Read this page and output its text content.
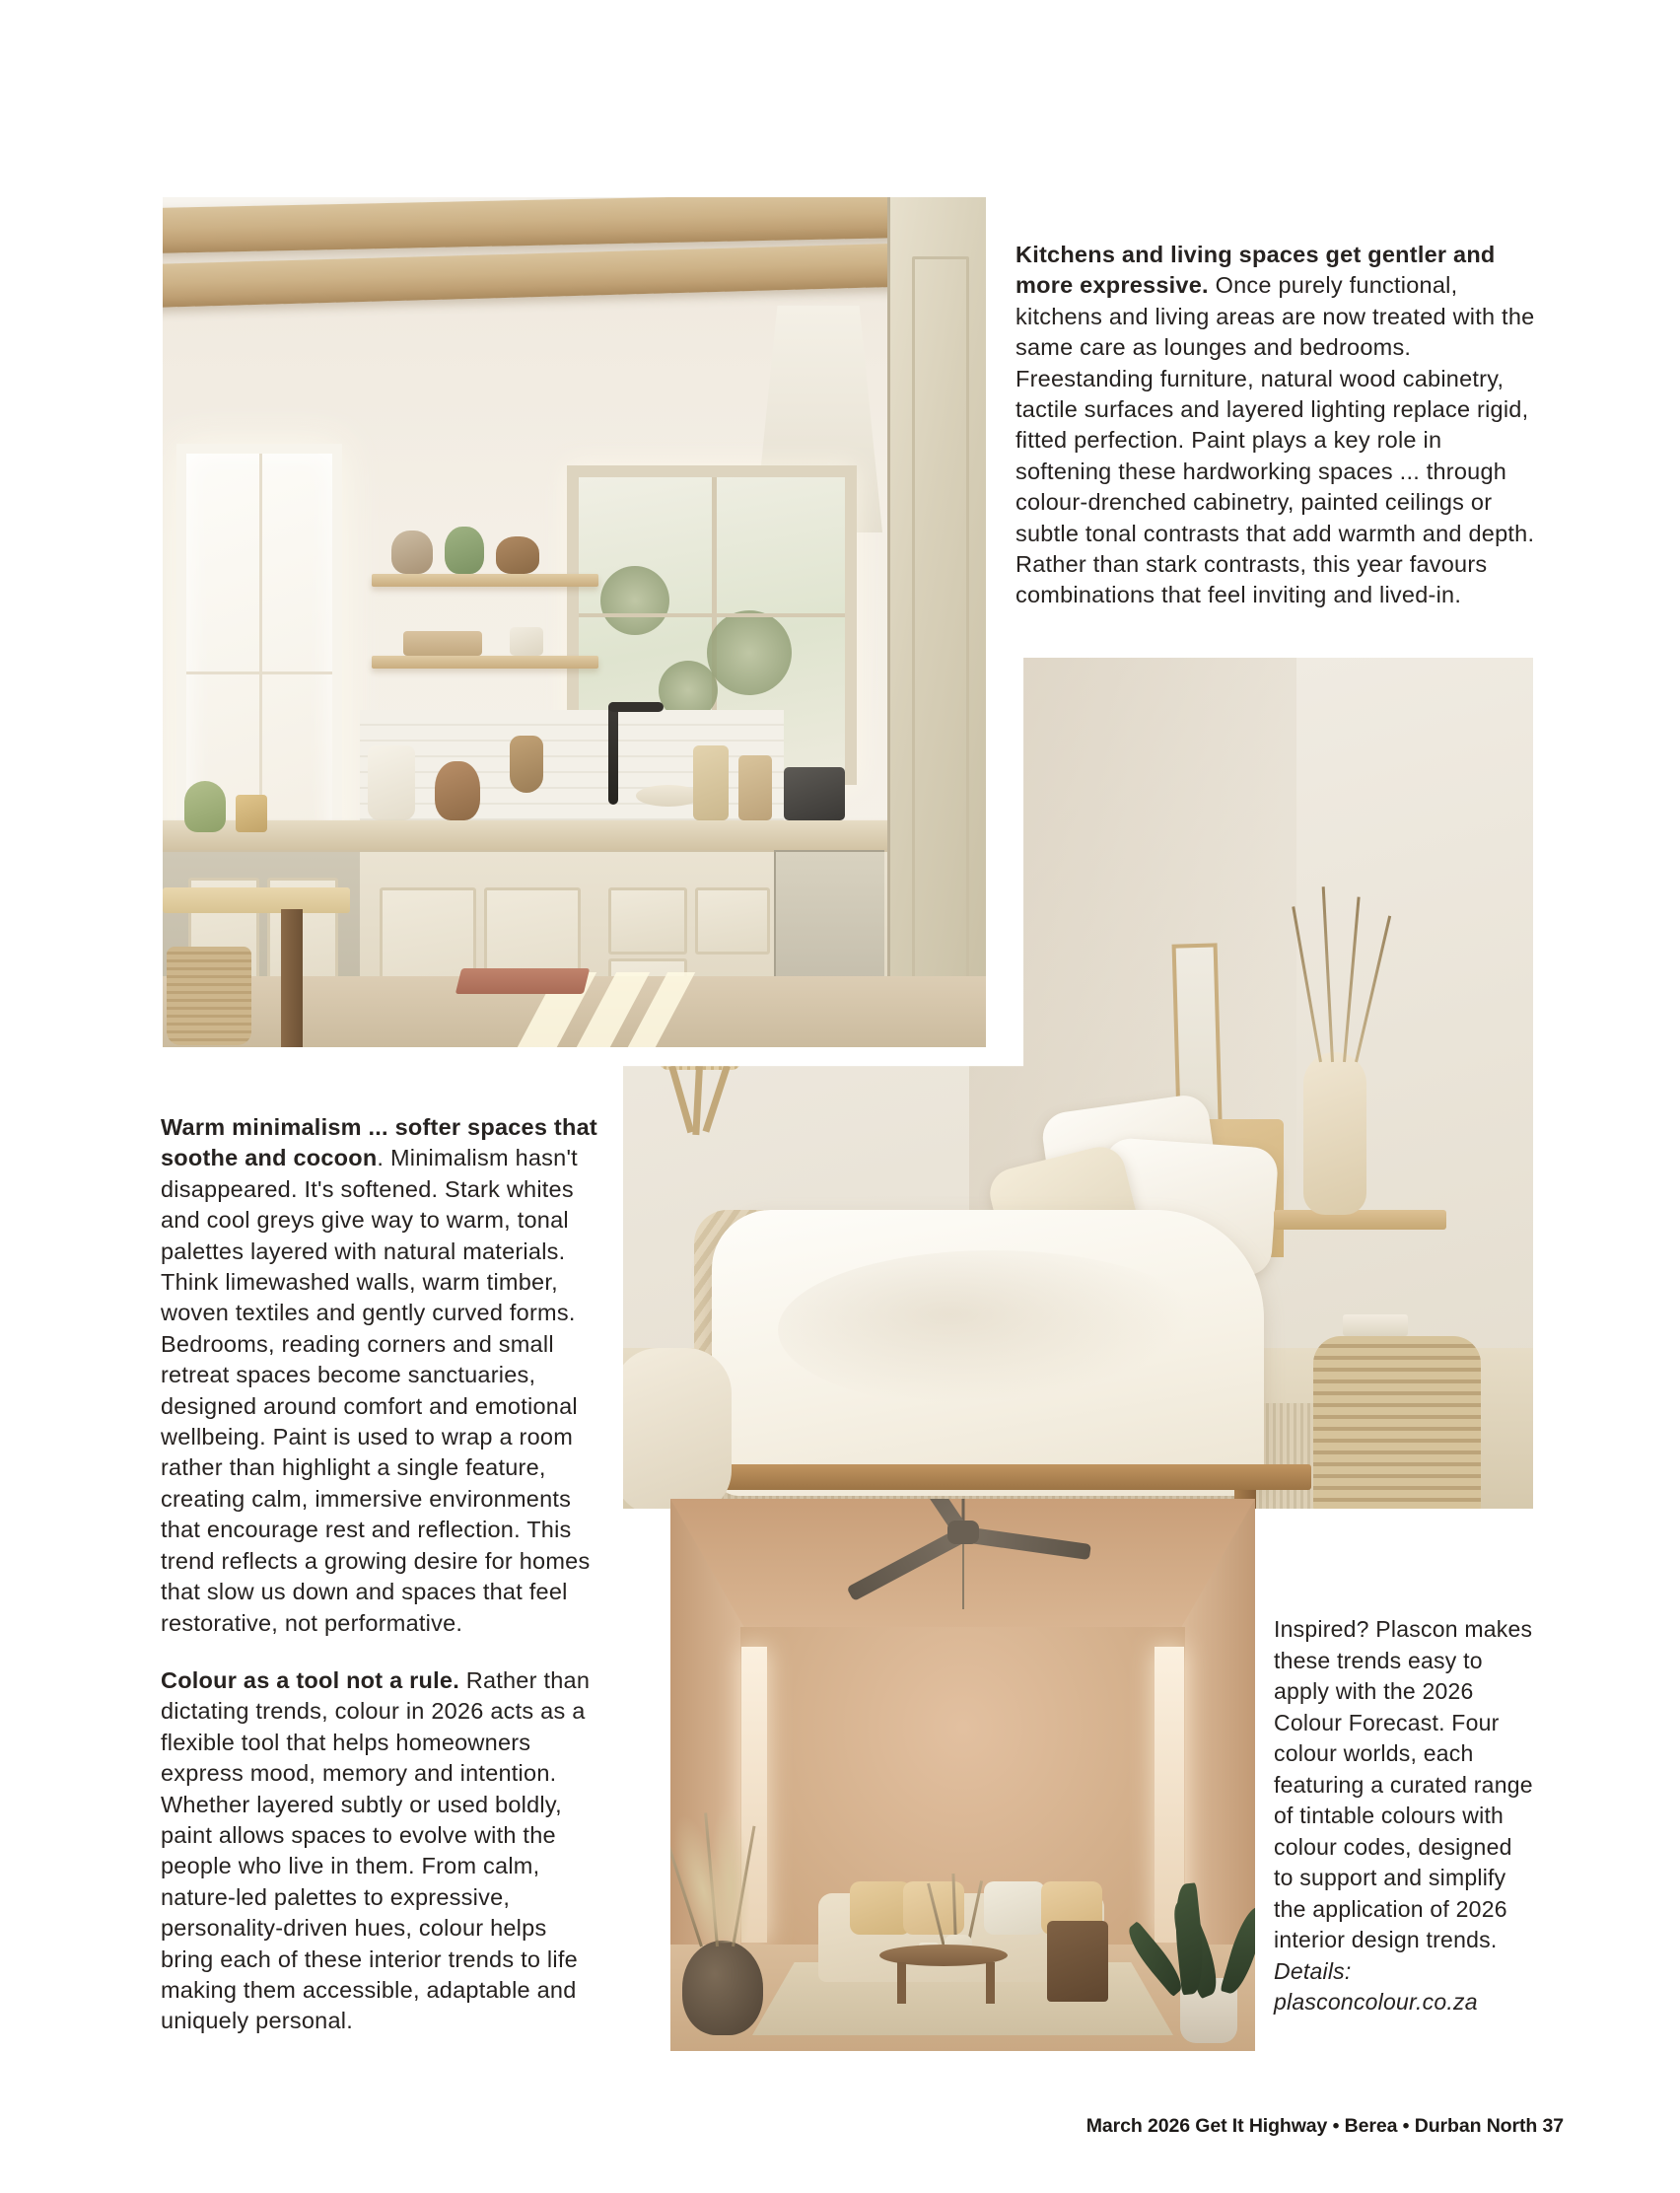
Kitchens and living spaces get gentler and more expressive. Once purely functional, kitchens and living areas are now treated with the same care as lounges and bedrooms. Freestanding furniture, natural wood cabinetry, tactile surfaces and layered lighting replace rigid, fitted perfection. Paint plays a key role in softening these hardworking spaces ... through colour-drenched cabinetry, painted ceilings or subtle tonal contrasts that add warmth and depth. Rather than stark contrasts, this year favours combinations that feel inviting and lived-in.

Warm minimalism ... softer spaces that soothe and cocoon. Minimalism hasn't disappeared. It's softened. Stark whites and cool greys give way to warm, tonal palettes layered with natural materials. Think limewashed walls, warm timber, woven textiles and gently curved forms. Bedrooms, reading corners and small retreat spaces become sanctuaries, designed around comfort and emotional wellbeing. Paint is used to wrap a room rather than highlight a single feature, creating calm, immersive environments that encourage rest and reflection. This trend reflects a growing desire for homes that slow us down and spaces that feel restorative, not performative.

Colour as a tool not a rule. Rather than dictating trends, colour in 2026 acts as a flexible tool that helps homeowners express mood, memory and intention. Whether layered subtly or used boldly, paint allows spaces to evolve with the people who live in them. From calm, nature-led palettes to expressive, personality-driven hues, colour helps bring each of these interior trends to life making them accessible, adaptable and uniquely personal.

Inspired? Plascon makes these trends easy to apply with the 2026 Colour Forecast. Four colour worlds, each featuring a curated range of tintable colours with colour codes, designed to support and simplify the application of 2026 interior design trends. Details: plasconcolour.co.za

March 2026 Get It Highway • Berea • Durban North 37
